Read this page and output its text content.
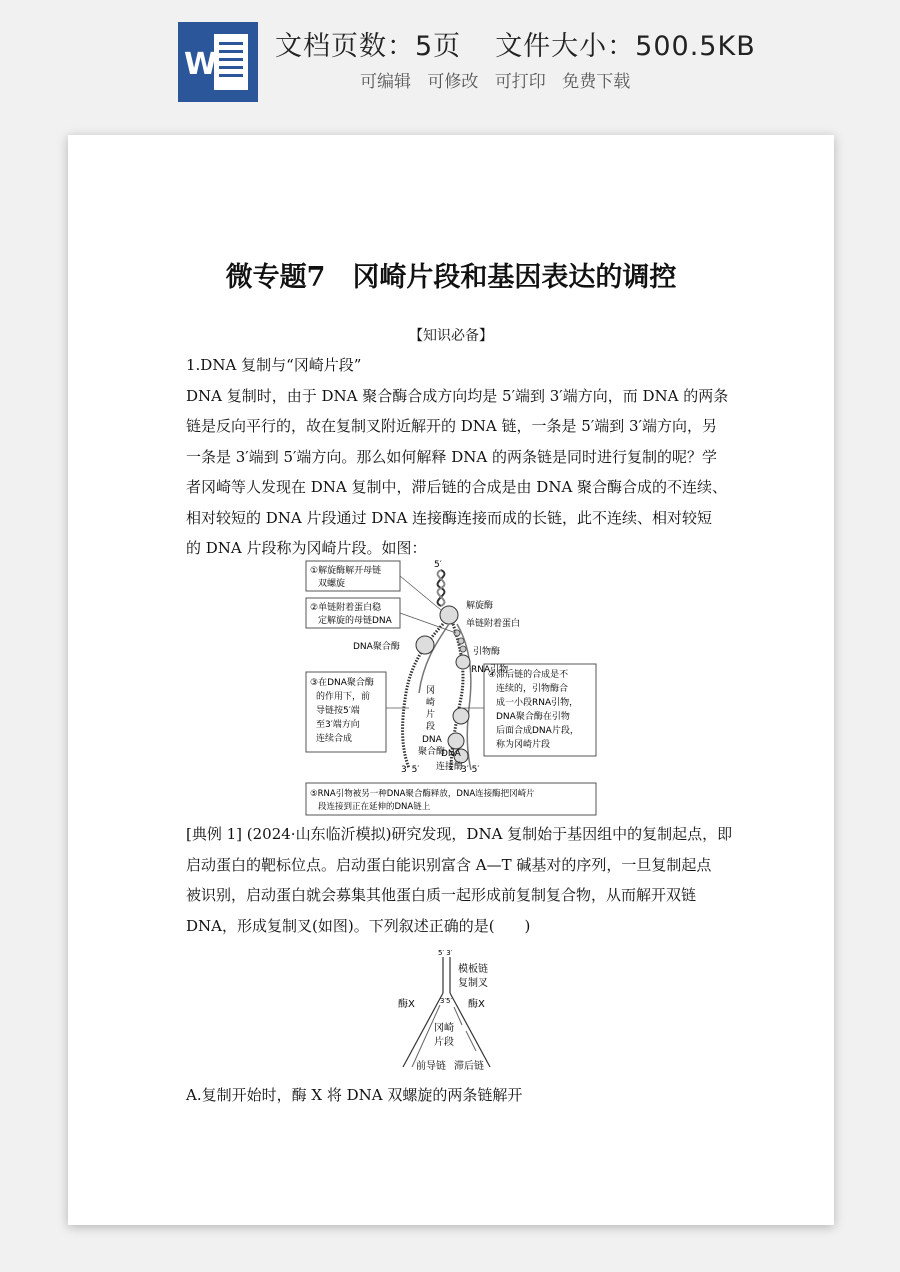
W
文档页数：5页 文件大小：500.5KB
可编辑 可修改 可打印 免费下载
微专题7　冈崎片段和基因表达的调控
【知识必备】
1.DNA 复制与“冈崎片段”
DNA 复制时，由于 DNA 聚合酶合成方向均是 5′端到 3′端方向，而 DNA 的两条
链是反向平行的，故在复制叉附近解开的 DNA 链，一条是 5′端到 3′端方向，另
一条是 3′端到 5′端方向。那么如何解释 DNA 的两条链是同时进行复制的呢？学
者冈崎等人发现在 DNA 复制中，滞后链的合成是由 DNA 聚合酶合成的不连续、
相对较短的 DNA 片段通过 DNA 连接酶连接而成的长链，此不连续、相对较短
的 DNA 片段称为冈崎片段。如图：
①解旋酶解开母链
双螺旋
②单链附着蛋白稳
定解旋的母链DNA
③在DNA聚合酶
的作用下，前
导链按5′端
至3′端方向
连续合成
④滞后链的合成是不
连续的，引物酶合
成一小段RNA引物，
DNA聚合酶在引物
后面合成DNA片段，
称为冈崎片段
⑤RNA引物被另一种DNA聚合酶释放，DNA连接酶把冈崎片
段连接到正在延伸的DNA链上
5′
解旋酶
单链附着蛋白
DNA聚合酶	引物酶
RNA引物
冈
崎
片
段
DNA
聚合酶
DNA
连接酶
3′ 5′	3′ 5′
[典例 1] (2024·山东临沂模拟)研究发现，DNA 复制始于基因组中的复制起点，即
启动蛋白的靶标位点。启动蛋白能识别富含 A—T 碱基对的序列，一旦复制起点
被识别，启动蛋白就会募集其他蛋白质一起形成前复制复合物，从而解开双链
DNA，形成复制叉(如图)。下列叙述正确的是(　　)
5′ 3′
模板链
复制叉
酶X	酶X
3′5′
冈崎
片段
前导链 滞后链
A.复制开始时，酶 X 将 DNA 双螺旋的两条链解开
